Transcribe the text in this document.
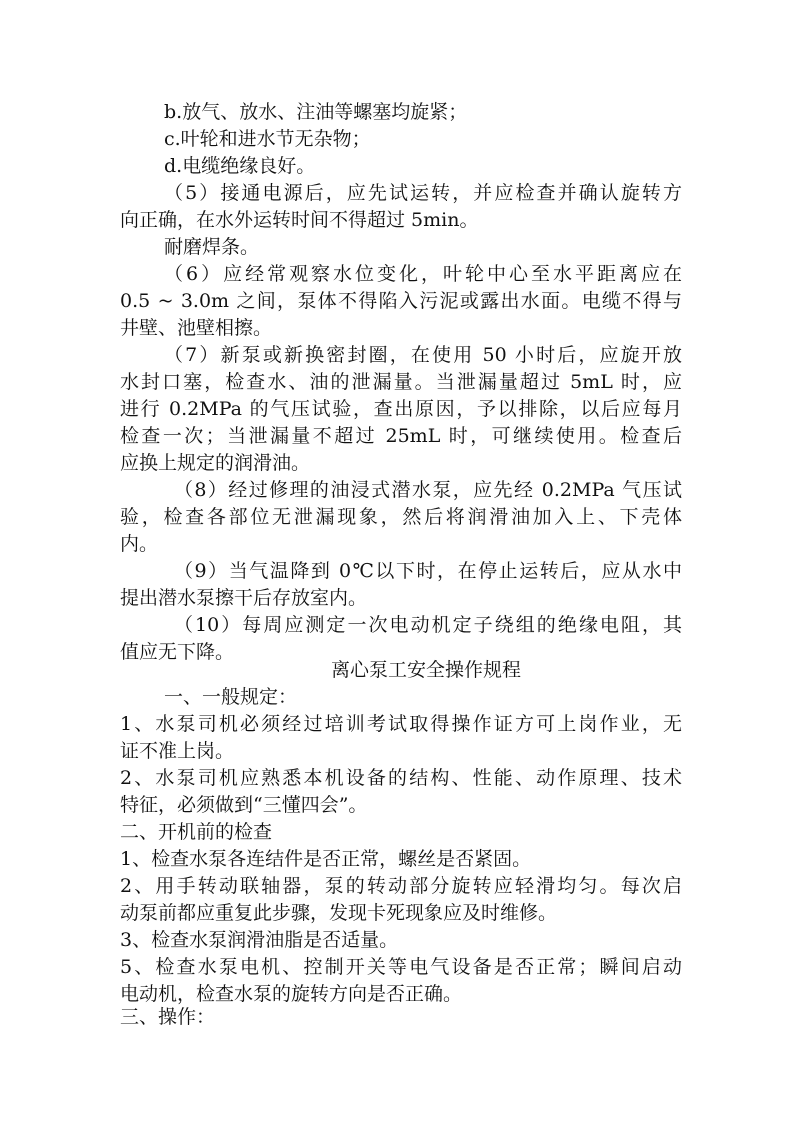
b.放气、放水、注油等螺塞均旋紧；
c.叶轮和进水节无杂物；
d.电缆绝缘良好。
（5）接通电源后，应先试运转，并应检查并确认旋转方
向正确，在水外运转时间不得超过 5min。
耐磨焊条。
（6）应经常观察水位变化，叶轮中心至水平距离应在
0.5 ~ 3.0m 之间，泵体不得陷入污泥或露出水面。电缆不得与
井壁、池壁相擦。
（7）新泵或新换密封圈，在使用 50 小时后，应旋开放
水封口塞，检查水、油的泄漏量。当泄漏量超过 5mL 时，应
进行 0.2MPa 的气压试验，查出原因，予以排除，以后应每月
检查一次；当泄漏量不超过 25mL 时，可继续使用。检查后
应换上规定的润滑油。
（8）经过修理的油浸式潜水泵，应先经 0.2MPa 气压试
验，检查各部位无泄漏现象，然后将润滑油加入上、下壳体
内。
（9）当气温降到 0℃以下时，在停止运转后，应从水中
提出潜水泵擦干后存放室内。
（10）每周应测定一次电动机定子绕组的绝缘电阻，其
值应无下降。
离心泵工安全操作规程
一、一般规定：
1、水泵司机必须经过培训考试取得操作证方可上岗作业，无
证不准上岗。
2、水泵司机应熟悉本机设备的结构、性能、动作原理、技术
特征，必须做到“三懂四会”。
二、开机前的检查
1、检查水泵各连结件是否正常，螺丝是否紧固。
2、用手转动联轴器，泵的转动部分旋转应轻滑均匀。每次启
动泵前都应重复此步骤，发现卡死现象应及时维修。
3、检查水泵润滑油脂是否适量。
5、检查水泵电机、控制开关等电气设备是否正常；瞬间启动
电动机，检查水泵的旋转方向是否正确。
三、操作：
